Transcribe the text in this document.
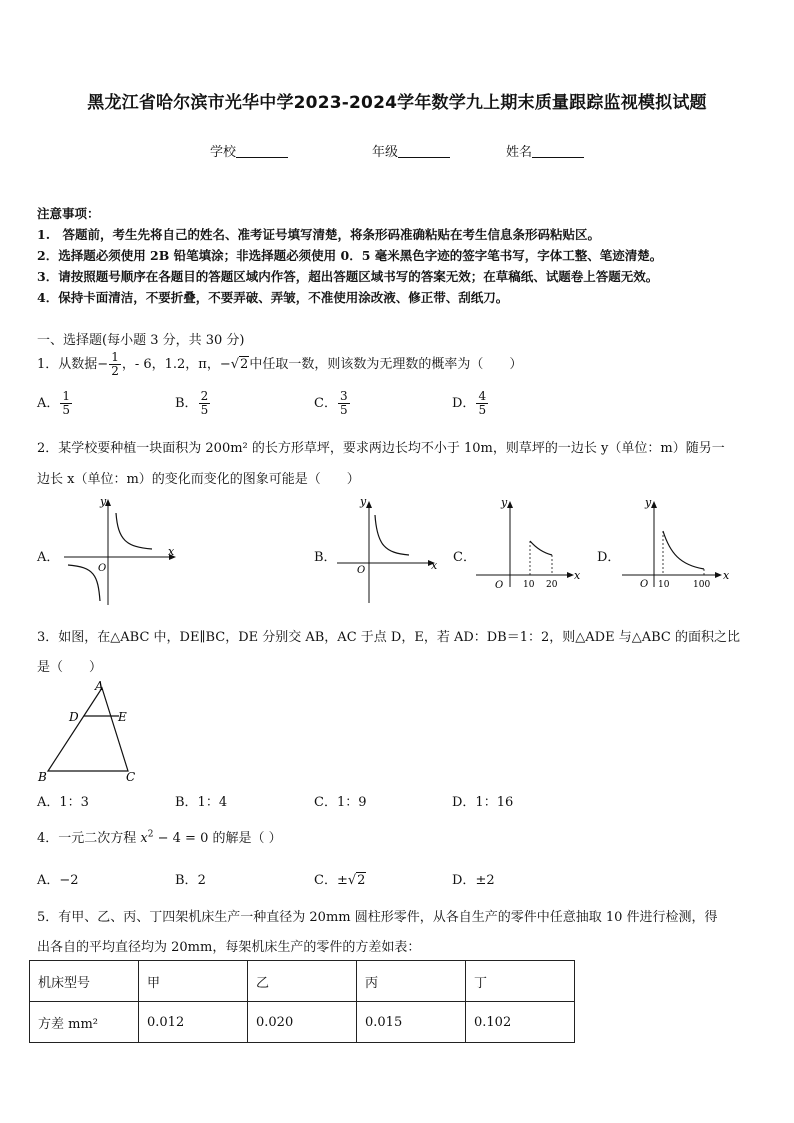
黑龙江省哈尔滨市光华中学2023-2024学年数学九上期末质量跟踪监视模拟试题
学校	年级	姓名
注意事项：
1.　答题前，考生先将自己的姓名、准考证号填写清楚，将条形码准确粘贴在考生信息条形码粘贴区。
2．选择题必须使用 2B 铅笔填涂；非选择题必须使用 0．5 毫米黑色字迹的签字笔书写，字体工整、笔迹清楚。
3．请按照题号顺序在各题目的答题区域内作答，超出答题区域书写的答案无效；在草稿纸、试题卷上答题无效。
4．保持卡面清洁，不要折叠，不要弄破、弄皱，不准使用涂改液、修正带、刮纸刀。
一、选择题(每小题 3 分，共 30 分)
1．从数据− $\frac{1}{2}$ ，- 6，1.2，π，−√2中任取一数，则该数为无理数的概率为（　　）
A． $\frac{1}{5}$	B． $\frac{2}{5}$	C． $\frac{3}{5}$	D． $\frac{4}{5}$
2．某学校要种植一块面积为 200m² 的长方形草坪，要求两边长均不小于 10m，则草坪的一边长 y（单位：m）随另一
边长 x（单位：m）的变化而变化的图象可能是（　　）
A．	B．	C．	D．
y
x
O
y
x
O
y
x
O 10 20
y
x
O 10	100
3．如图，在△ABC 中，DE∥BC，DE 分别交 AB，AC 于点 D，E，若 AD：DB＝1：2，则△ADE 与△ABC 的面积之比
是（　　）
A
D	E
B	C
A．1：3	B．1：4	C．1：9	D．1：16
4．一元二次方程 $x^2 - 4 = 0$ 的解是（ ）
A．−2	B．2	C．±√2	D．±2
5．有甲、乙、丙、丁四架机床生产一种直径为 20mm 圆柱形零件，从各自生产的零件中任意抽取 10 件进行检测，得
出各自的平均直径均为 20mm，每架机床生产的零件的方差如表：
机床型号	甲	乙	丙	丁
方差 mm²	0.012	0.020	0.015	0.102
